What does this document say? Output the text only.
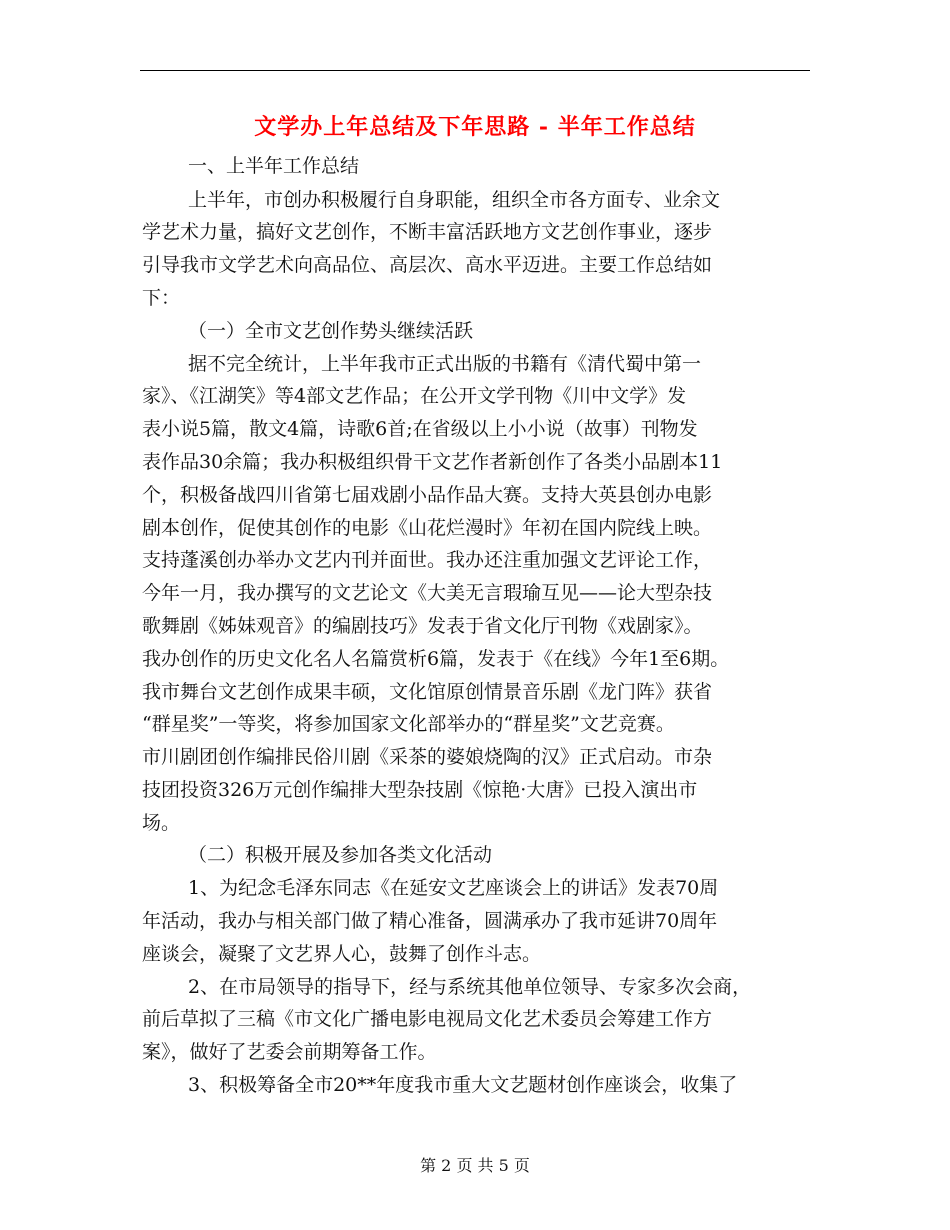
文学办上年总结及下年思路 - 半年工作总结
一、上半年工作总结
上半年，市创办积极履行自身职能，组织全市各方面专、业余文
学艺术力量，搞好文艺创作，不断丰富活跃地方文艺创作事业，逐步
引导我市文学艺术向高品位、高层次、高水平迈进。主要工作总结如
下：
（一）全市文艺创作势头继续活跃
据不完全统计，上半年我市正式出版的书籍有《清代蜀中第一
家》、《江湖笑》等4部文艺作品；在公开文学刊物《川中文学》发
表小说5篇，散文4篇，诗歌6首;在省级以上小小说（故事）刊物发
表作品30余篇；我办积极组织骨干文艺作者新创作了各类小品剧本11
个，积极备战四川省第七届戏剧小品作品大赛。支持大英县创办电影
剧本创作，促使其创作的电影《山花烂漫时》年初在国内院线上映。
支持蓬溪创办举办文艺内刊并面世。我办还注重加强文艺评论工作，
今年一月，我办撰写的文艺论文《大美无言瑕瑜互见——论大型杂技
歌舞剧《姊妹观音》的编剧技巧》发表于省文化厅刊物《戏剧家》。
我办创作的历史文化名人名篇赏析6篇，发表于《在线》今年1至6期。
我市舞台文艺创作成果丰硕，文化馆原创情景音乐剧《龙门阵》获省
“群星奖”一等奖，将参加国家文化部举办的“群星奖”文艺竞赛。
市川剧团创作编排民俗川剧《采茶的婆娘烧陶的汉》正式启动。市杂
技团投资326万元创作编排大型杂技剧《惊艳·大唐》已投入演出市
场。
（二）积极开展及参加各类文化活动
1、为纪念毛泽东同志《在延安文艺座谈会上的讲话》发表70周
年活动，我办与相关部门做了精心准备，圆满承办了我市延讲70周年
座谈会，凝聚了文艺界人心，鼓舞了创作斗志。
2、在市局领导的指导下，经与系统其他单位领导、专家多次会商，
前后草拟了三稿《市文化广播电影电视局文化艺术委员会筹建工作方
案》，做好了艺委会前期筹备工作。
3、积极筹备全市20**年度我市重大文艺题材创作座谈会，收集了
第 2 页 共 5 页
